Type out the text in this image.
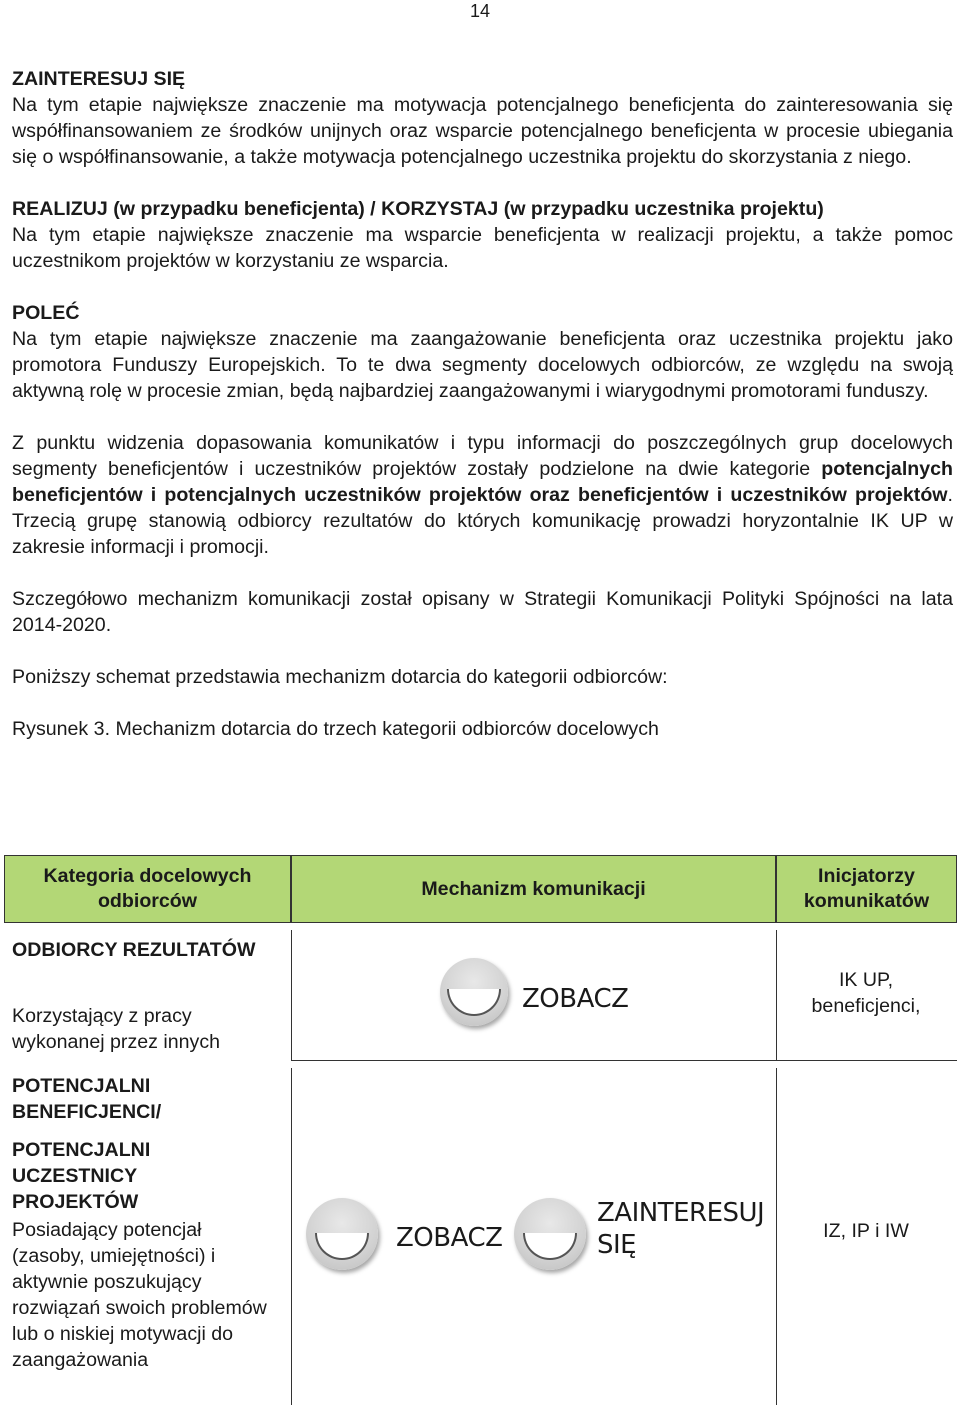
14

ZAINTERESUJ SIĘ

Na tym etapie największe znaczenie ma motywacja potencjalnego beneficjenta do zainteresowania się współfinansowaniem ze środków unijnych oraz wsparcie potencjalnego beneficjenta w procesie ubiegania się o współfinansowanie, a także motywacja potencjalnego uczestnika projektu do skorzystania z niego.

REALIZUJ (w przypadku beneficjenta) / KORZYSTAJ (w przypadku uczestnika projektu)

Na tym etapie największe znaczenie ma wsparcie beneficjenta w realizacji projektu, a także pomoc uczestnikom projektów w korzystaniu ze wsparcia.

POLEĆ

Na tym etapie największe znaczenie ma zaangażowanie beneficjenta oraz uczestnika projektu jako promotora Funduszy Europejskich. To te dwa segmenty docelowych odbiorców, ze względu na swoją aktywną rolę w procesie zmian, będą najbardziej zaangażowanymi i wiarygodnymi promotorami funduszy.

Z punktu widzenia dopasowania komunikatów i typu informacji do poszczególnych grup docelowych segmenty beneficjentów i uczestników projektów zostały podzielone na dwie kategorie potencjalnych beneficjentów i potencjalnych uczestników projektów oraz beneficjentów i uczestników projektów. Trzecią grupę stanowią odbiorcy rezultatów do których komunikację prowadzi horyzontalnie IK UP w zakresie informacji i promocji.

Szczegółowo mechanizm komunikacji został opisany w Strategii Komunikacji Polityki Spójności na lata 2014-2020.

Poniższy schemat przedstawia mechanizm dotarcia do kategorii odbiorców:

Rysunek 3. Mechanizm dotarcia do trzech kategorii odbiorców docelowych

Kategoria docelowych odbiorców
Mechanizm komunikacji
Inicjatorzy komunikatów
ODBIORCY REZULTATÓW
Korzystający z pracy wykonanej przez innych
ZOBACZ
IK UP, beneficjenci,
POTENCJALNI BENEFICJENCI/
POTENCJALNI UCZESTNICY PROJEKTÓW
Posiadający potencjał (zasoby, umiejętności) i aktywnie poszukujący rozwiązań swoich problemów lub o niskiej motywacji do zaangażowania
ZOBACZ
ZAINTERESUJ
SIĘ	IZ, IP i IW
